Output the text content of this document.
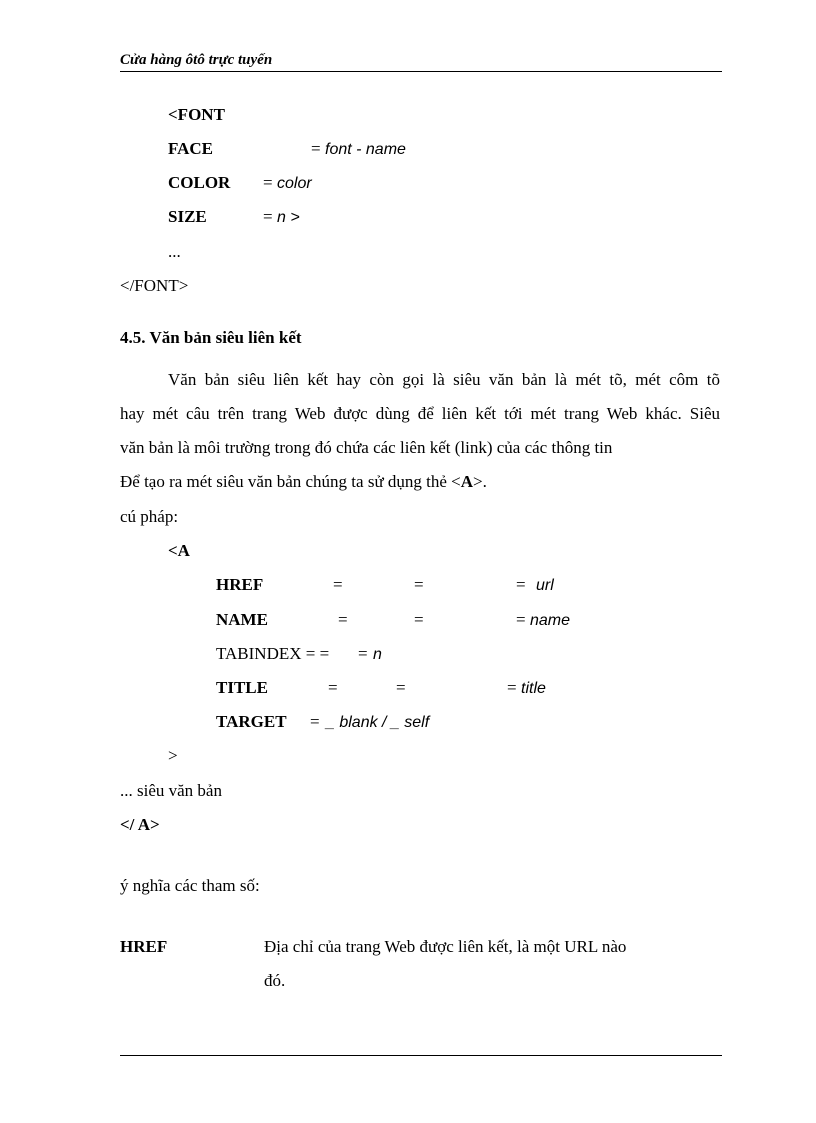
Cửa hàng ôtô trực tuyến
<FONT
FACE	= font - name
COLOR = color
SIZE	= n >
...
</FONT>
4.5. Văn bản siêu liên kết
Văn bản siêu liên kết hay còn gọi là siêu văn bản là mét tõ, mét côm tõ
hay mét câu trên trang Web được dùng để liên kết tới mét trang Web khác. Siêu
văn bản là môi trường trong đó chứa các liên kết (link) của các thông tin
Để tạo ra mét siêu văn bản chúng ta sử dụng thẻ <A>.
cú pháp:
<A
HREF	=	=	= url
NAME	=	=	= name
TABINDEX = = = n
TITLE	=	=	= title
TARGET = _ blank / _ self
>
... siêu văn bản
</ A>
ý nghĩa các tham số:
HREF	Địa chỉ của trang Web được liên kết, là một URL nào
đó.
